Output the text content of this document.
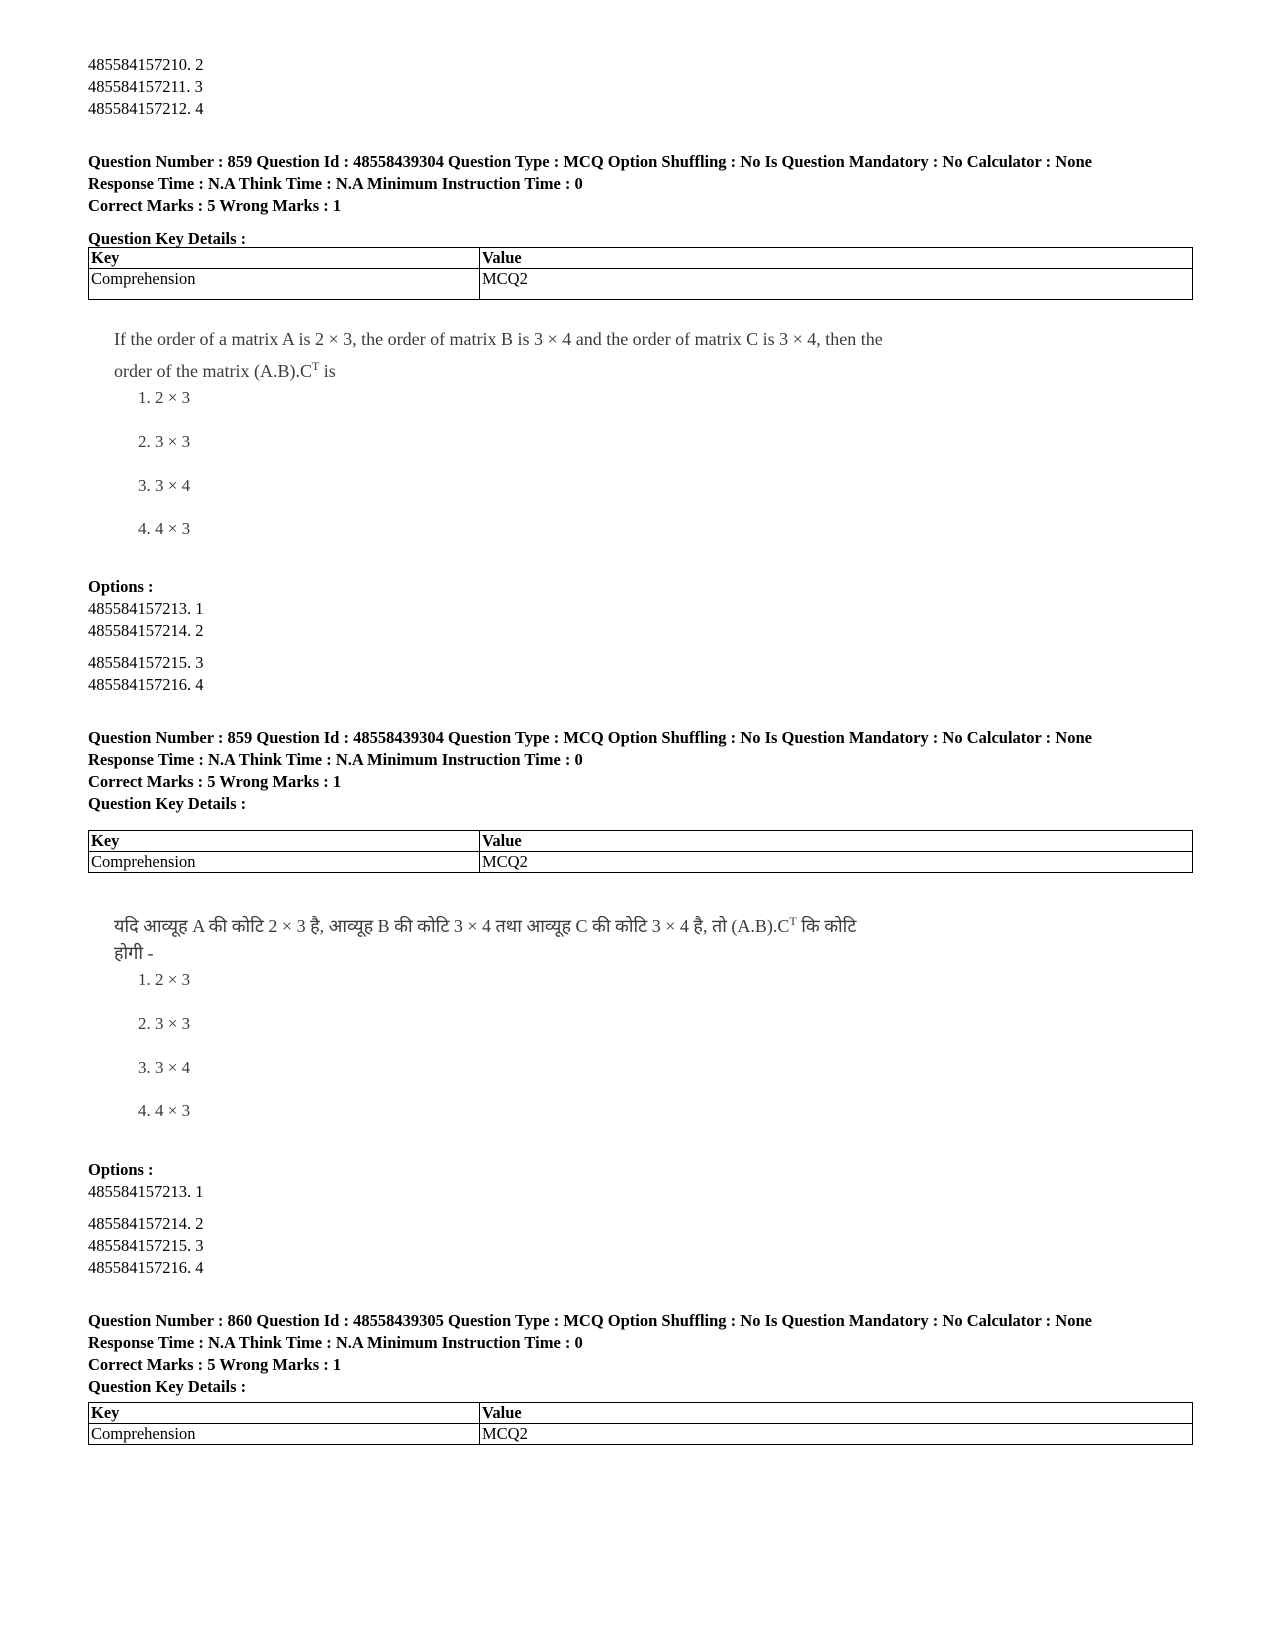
485584157210. 2
485584157211. 3
485584157212. 4
Question Number : 859 Question Id : 48558439304 Question Type : MCQ Option Shuffling : No Is Question Mandatory : No Calculator : None
Response Time : N.A Think Time : N.A Minimum Instruction Time : 0
Correct Marks : 5 Wrong Marks : 1
Question Key Details :
Key	Value
Comprehension	MCQ2
If the order of a matrix A is 2 × 3, the order of matrix B is 3 × 4 and the order of matrix C is 3 × 4, then the
order of the matrix $(A.B).C^T$ is
1. 2 × 3
2. 3 × 3
3. 3 × 4
4. 4 × 3
Options :
485584157213. 1
485584157214. 2
485584157215. 3
485584157216. 4
Question Number : 859 Question Id : 48558439304 Question Type : MCQ Option Shuffling : No Is Question Mandatory : No Calculator : None
Response Time : N.A Think Time : N.A Minimum Instruction Time : 0
Correct Marks : 5 Wrong Marks : 1
Question Key Details :
Key	Value
Comprehension	MCQ2
यदि आव्यूह A की कोटि 2 × 3 है, आव्यूह B की कोटि 3 × 4 तथा आव्यूह C की कोटि 3 × 4 है, तो $(A.B).C^T$ कि कोटि
होगी -
1. 2 × 3
2. 3 × 3
3. 3 × 4
4. 4 × 3
Options :
485584157213. 1
485584157214. 2
485584157215. 3
485584157216. 4
Question Number : 860 Question Id : 48558439305 Question Type : MCQ Option Shuffling : No Is Question Mandatory : No Calculator : None
Response Time : N.A Think Time : N.A Minimum Instruction Time : 0
Correct Marks : 5 Wrong Marks : 1
Question Key Details :
Key	Value
Comprehension	MCQ2
